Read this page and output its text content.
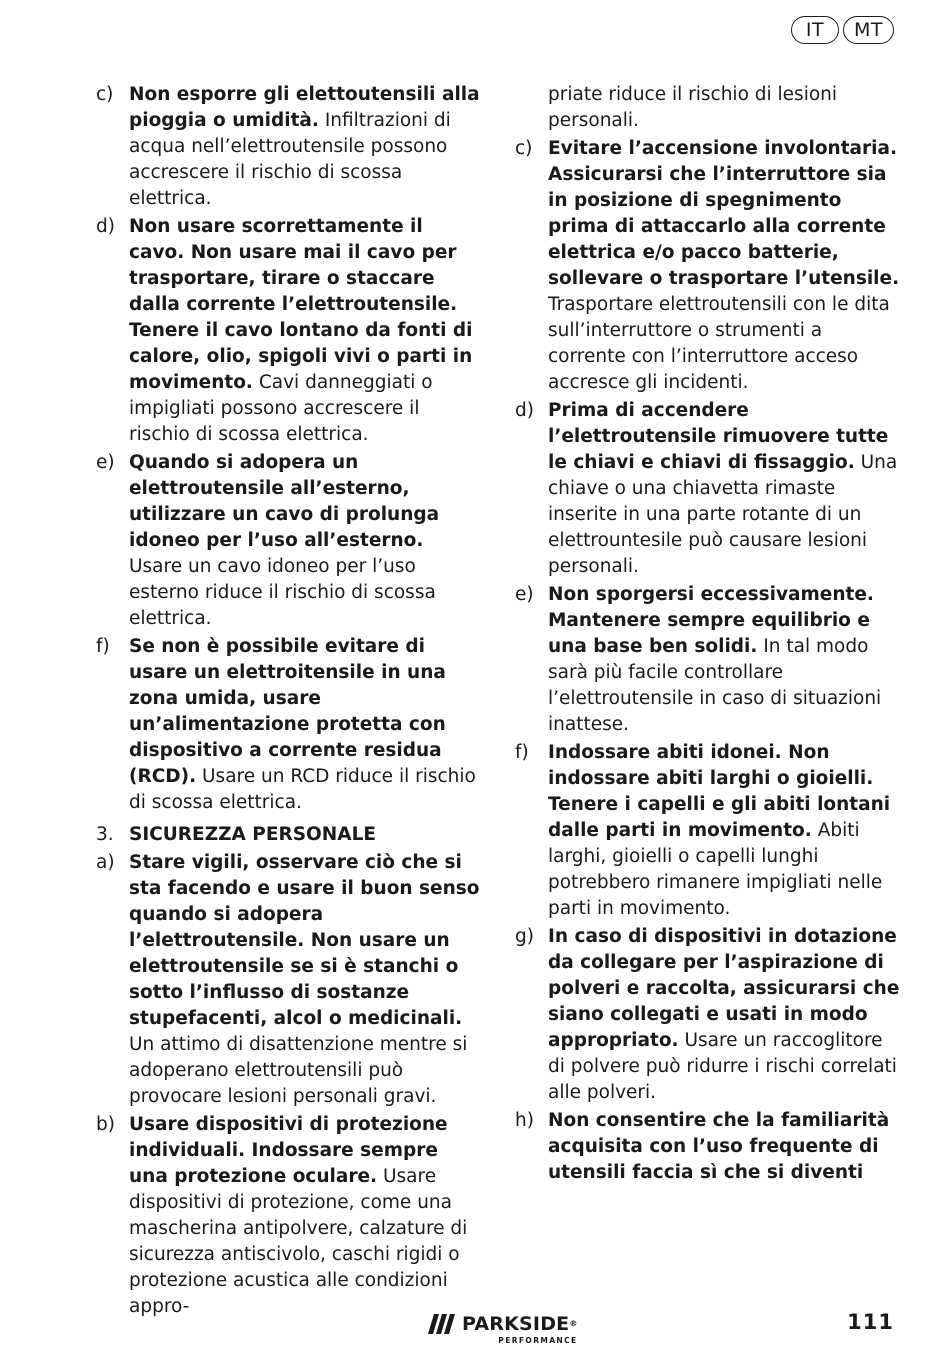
IT	MT
c) Non esporre gli elettoutensili alla pioggia o umidità. Infiltrazioni di acqua nell’elettroutensile possono accrescere il rischio di scossa elettrica.
d) Non usare scorrettamente il cavo. Non usare mai il cavo per trasportare, tirare o staccare dalla corrente l’elettroutensile. Tenere il cavo lontano da fonti di calore, olio, spigoli vivi o parti in movimento. Cavi danneggiati o impigliati possono accrescere il rischio di scossa elettrica.
e) Quando si adopera un elettroutensile all’esterno, utilizzare un cavo di prolunga idoneo per l’uso all’esterno. Usare un cavo idoneo per l’uso esterno riduce il rischio di scossa elettrica.
f)	Se non è possibile evitare di usare un elettroitensile in una zona umida, usare un’alimentazione protetta con dispositivo a corrente residua (RCD). Usare un RCD riduce il rischio di scossa elettrica.
3. SICUREZZA PERSONALE
a) Stare vigili, osservare ciò che si sta facendo e usare il buon senso quando si adopera l’elettroutensile. Non usare un elettroutensile se si è stanchi o sotto l’influsso di sostanze stupefacenti, alcol o medicinali. Un attimo di disattenzione mentre si adoperano elettroutensili può provocare lesioni personali gravi.
b) Usare dispositivi di protezione individuali. Indossare sempre una protezione oculare. Usare dispositivi di protezione, come una mascherina antipolvere, calzature di sicurezza antiscivolo, caschi rigidi o protezione acustica alle condizioni appro-
priate riduce il rischio di lesioni personali.
c) Evitare l’accensione involontaria. Assicurarsi che l’interruttore sia in posizione di spegnimento prima di attaccarlo alla corrente elettrica e/o pacco batterie, sollevare o trasportare l’utensile. Trasportare elettroutensili con le dita sull’interruttore o strumenti a corrente con l’interruttore acceso accresce gli incidenti.
d) Prima di accendere l’elettroutensile rimuovere tutte le chiavi e chiavi di fissaggio. Una chiave o una chiavetta rimaste inserite in una parte rotante di un elettrountesile può causare lesioni personali.
e) Non sporgersi eccessivamente. Mantenere sempre equilibrio e una base ben solidi. In tal modo sarà più facile controllare l’elettroutensile in caso di situazioni inattese.
f)	Indossare abiti idonei. Non indossare abiti larghi o gioielli. Tenere i capelli e gli abiti lontani dalle parti in movimento. Abiti larghi, gioielli o capelli lunghi potrebbero rimanere impigliati nelle parti in movimento.
g) In caso di dispositivi in dotazione da collegare per l’aspirazione di polveri e raccolta, assicurarsi che siano collegati e usati in modo appropriato. Usare un raccoglitore di polvere può ridurre i rischi correlati alle polveri.
h) Non consentire che la familiarità acquisita con l’uso frequente di utensili faccia sì che si diventi
PARKSIDE®
PERFORMANCE
111
